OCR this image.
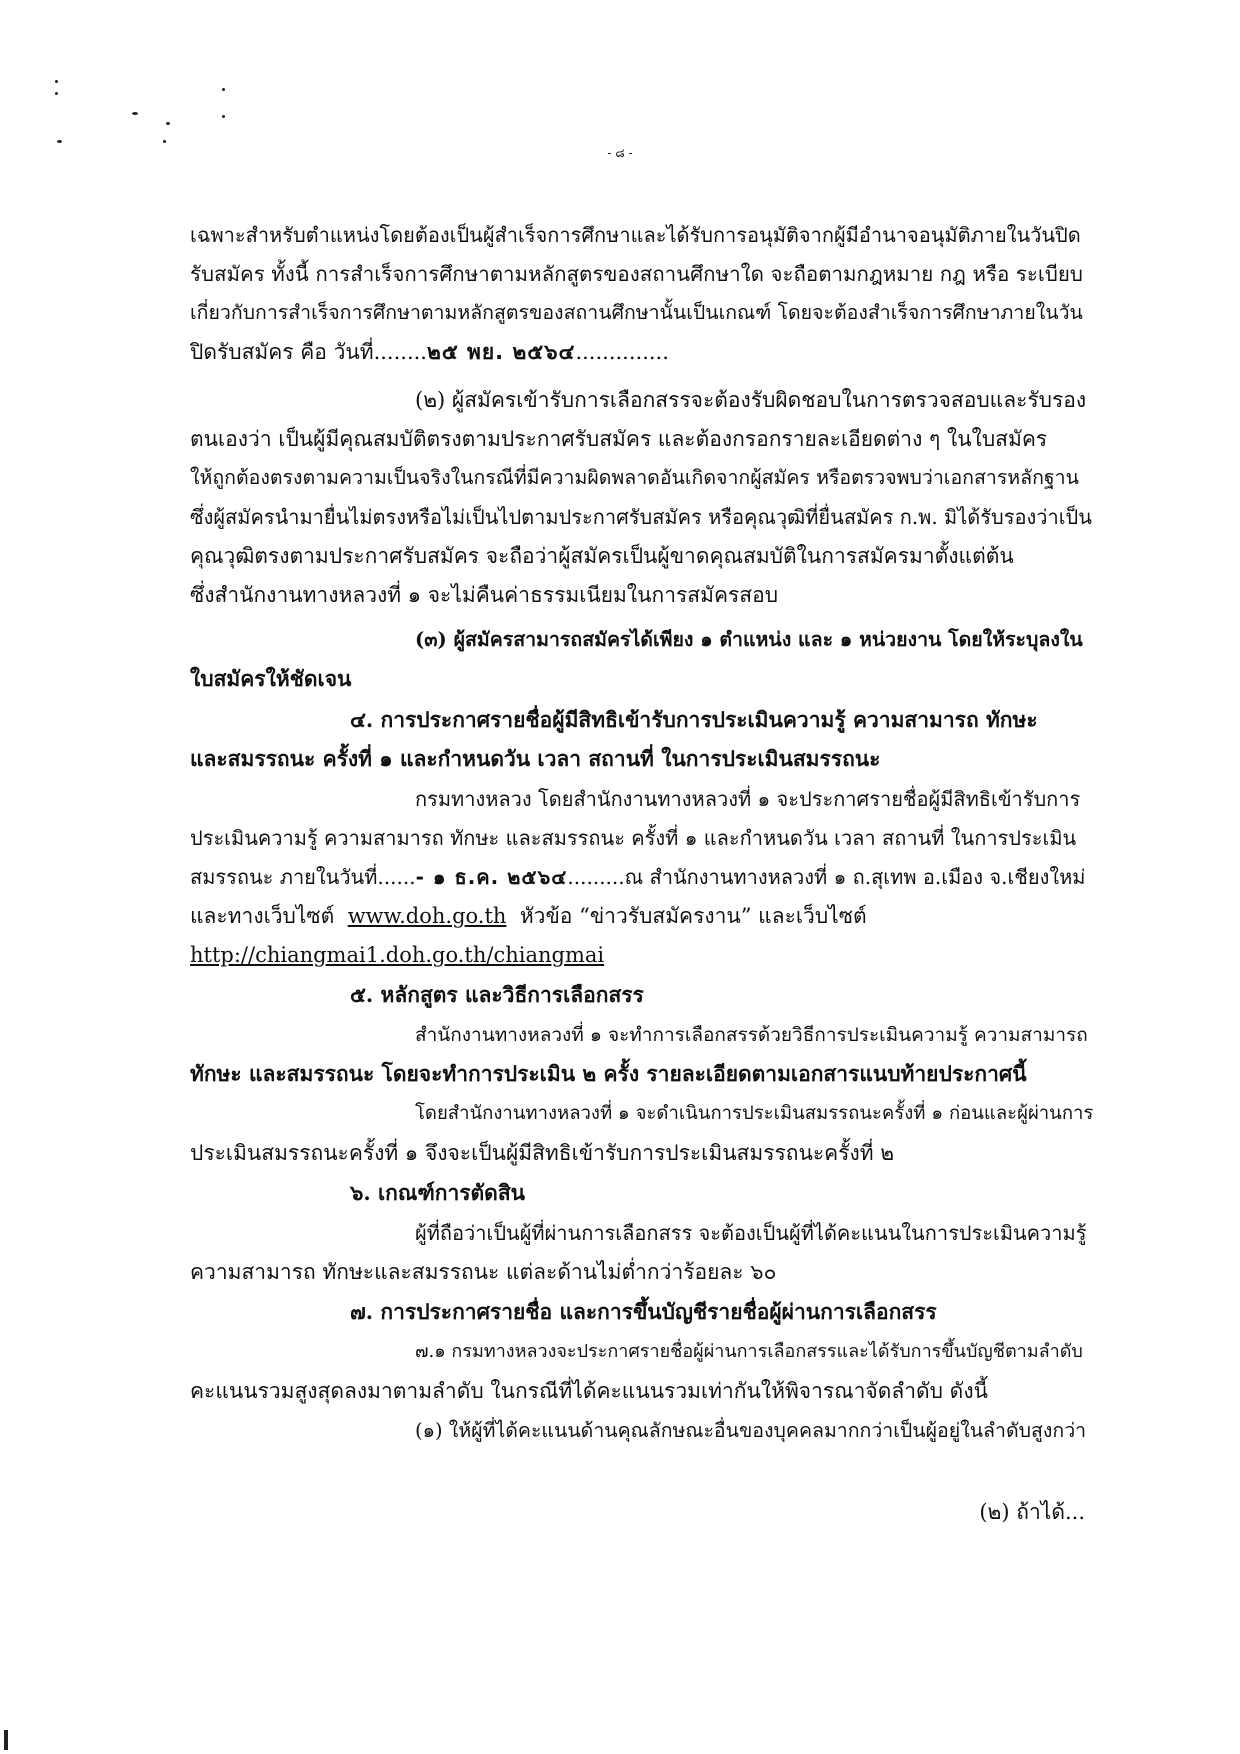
- ๘ -
เฉพาะสำหรับตำแหน่งโดยต้องเป็นผู้สำเร็จการศึกษาและได้รับการอนุมัติจากผู้มีอำนาจอนุมัติภายในวันปิด
รับสมัคร ทั้งนี้ การสำเร็จการศึกษาตามหลักสูตรของสถานศึกษาใด จะถือตามกฎหมาย กฎ หรือ ระเบียบ
เกี่ยวกับการสำเร็จการศึกษาตามหลักสูตรของสถานศึกษานั้นเป็นเกณฑ์ โดยจะต้องสำเร็จการศึกษาภายในวัน
ปิดรับสมัคร คือ วันที่........๒๕ พย. ๒๕๖๔..............
(๒) ผู้สมัครเข้ารับการเลือกสรรจะต้องรับผิดชอบในการตรวจสอบและรับรอง
ตนเองว่า เป็นผู้มีคุณสมบัติตรงตามประกาศรับสมัคร และต้องกรอกรายละเอียดต่าง ๆ ในใบสมัคร
ให้ถูกต้องตรงตามความเป็นจริงในกรณีที่มีความผิดพลาดอันเกิดจากผู้สมัคร หรือตรวจพบว่าเอกสารหลักฐาน
ซึ่งผู้สมัครนำมายื่นไม่ตรงหรือไม่เป็นไปตามประกาศรับสมัคร หรือคุณวุฒิที่ยื่นสมัคร ก.พ. มิได้รับรองว่าเป็น
คุณวุฒิตรงตามประกาศรับสมัคร จะถือว่าผู้สมัครเป็นผู้ขาดคุณสมบัติในการสมัครมาตั้งแต่ต้น
ซึ่งสำนักงานทางหลวงที่ ๑ จะไม่คืนค่าธรรมเนียมในการสมัครสอบ
(๓) ผู้สมัครสามารถสมัครได้เพียง ๑ ตำแหน่ง และ ๑ หน่วยงาน โดยให้ระบุลงใน
ใบสมัครให้ชัดเจน
๔. การประกาศรายชื่อผู้มีสิทธิเข้ารับการประเมินความรู้ ความสามารถ ทักษะ
และสมรรถนะ ครั้งที่ ๑ และกำหนดวัน เวลา สถานที่ ในการประเมินสมรรถนะ
กรมทางหลวง โดยสำนักงานทางหลวงที่ ๑ จะประกาศรายชื่อผู้มีสิทธิเข้ารับการ
ประเมินความรู้ ความสามารถ ทักษะ และสมรรถนะ ครั้งที่ ๑ และกำหนดวัน เวลา สถานที่ ในการประเมิน
สมรรถนะ ภายในวันที่......- ๑ ธ.ค. ๒๕๖๔.........ณ สำนักงานทางหลวงที่ ๑ ถ.สุเทพ อ.เมือง จ.เชียงใหม่
และทางเว็บไซต์ www.doh.go.th หัวข้อ “ข่าวรับสมัครงาน” และเว็บไซต์
http://chiangmai1.doh.go.th/chiangmai
๕. หลักสูตร และวิธีการเลือกสรร
สำนักงานทางหลวงที่ ๑ จะทำการเลือกสรรด้วยวิธีการประเมินความรู้ ความสามารถ
ทักษะ และสมรรถนะ โดยจะทำการประเมิน ๒ ครั้ง รายละเอียดตามเอกสารแนบท้ายประกาศนี้
โดยสำนักงานทางหลวงที่ ๑ จะดำเนินการประเมินสมรรถนะครั้งที่ ๑ ก่อนและผู้ผ่านการ
ประเมินสมรรถนะครั้งที่ ๑ จึงจะเป็นผู้มีสิทธิเข้ารับการประเมินสมรรถนะครั้งที่ ๒
๖. เกณฑ์การตัดสิน
ผู้ที่ถือว่าเป็นผู้ที่ผ่านการเลือกสรร จะต้องเป็นผู้ที่ได้คะแนนในการประเมินความรู้
ความสามารถ ทักษะและสมรรถนะ แต่ละด้านไม่ต่ำกว่าร้อยละ ๖๐
๗. การประกาศรายชื่อ และการขึ้นบัญชีรายชื่อผู้ผ่านการเลือกสรร
๗.๑ กรมทางหลวงจะประกาศรายชื่อผู้ผ่านการเลือกสรรและได้รับการขึ้นบัญชีตามลำดับ
คะแนนรวมสูงสุดลงมาตามลำดับ ในกรณีที่ได้คะแนนรวมเท่ากันให้พิจารณาจัดลำดับ ดังนี้
(๑) ให้ผู้ที่ได้คะแนนด้านคุณลักษณะอื่นของบุคคลมากกว่าเป็นผู้อยู่ในลำดับสูงกว่า
(๒) ถ้าได้...
